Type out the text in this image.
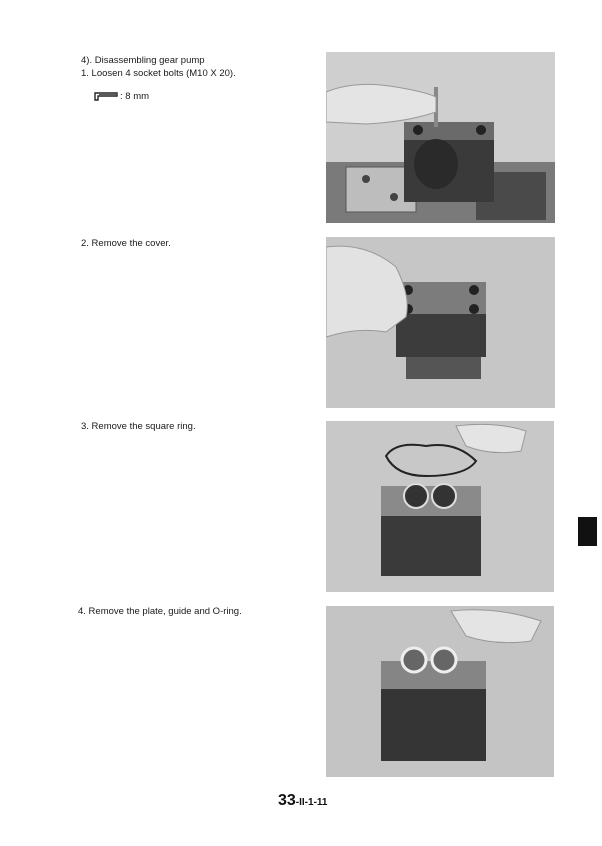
4). Disassembling gear pump
1. Loosen 4 socket bolts (M10 X 20).
: 8 mm
2. Remove the cover.
3. Remove the square ring.
4. Remove the plate, guide and O-ring.
33-II-1-11
